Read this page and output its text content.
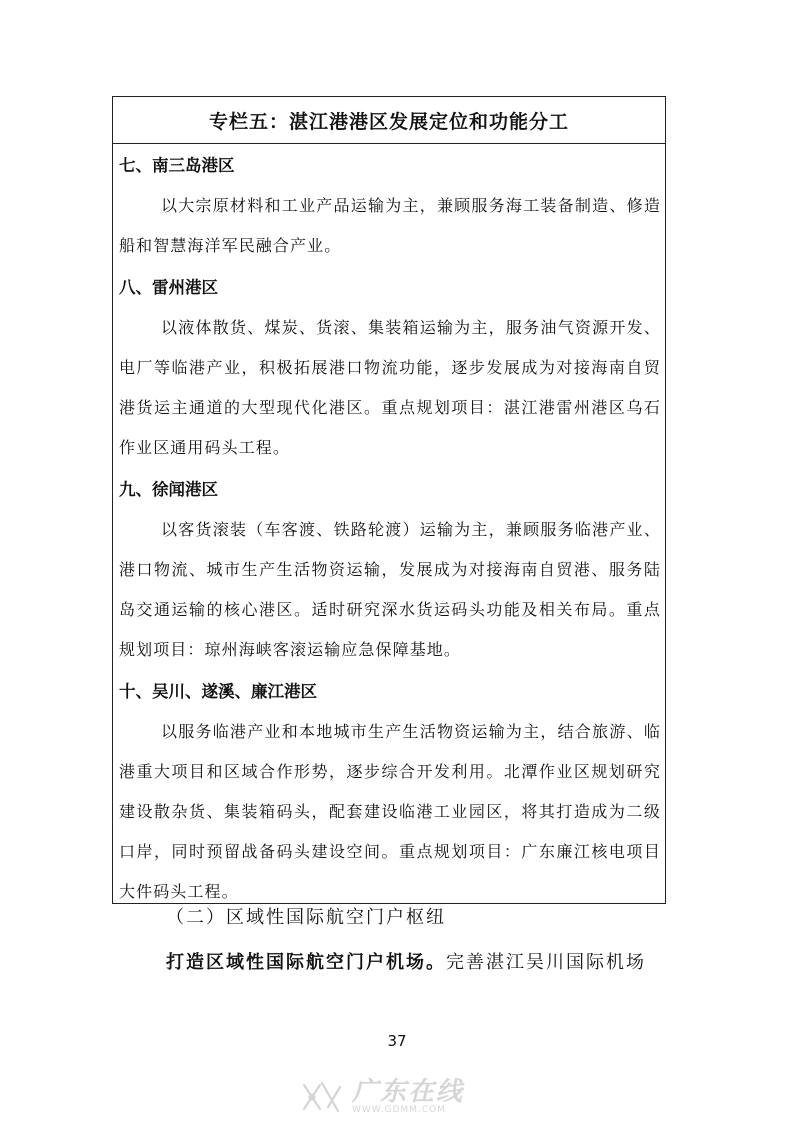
专栏五：湛江港港区发展定位和功能分工
七、南三岛港区

以大宗原材料和工业产品运输为主，兼顾服务海工装备制造、修造船和智慧海洋军民融合产业。

八、雷州港区

以液体散货、煤炭、货滚、集装箱运输为主，服务油气资源开发、电厂等临港产业，积极拓展港口物流功能，逐步发展成为对接海南自贸港货运主通道的大型现代化港区。重点规划项目：湛江港雷州港区乌石作业区通用码头工程。

九、徐闻港区

以客货滚装（车客渡、铁路轮渡）运输为主，兼顾服务临港产业、港口物流、城市生产生活物资运输，发展成为对接海南自贸港、服务陆岛交通运输的核心港区。适时研究深水货运码头功能及相关布局。重点规划项目：琼州海峡客滚运输应急保障基地。

十、吴川、遂溪、廉江港区

以服务临港产业和本地城市生产生活物资运输为主，结合旅游、临港重大项目和区域合作形势，逐步综合开发利用。北潭作业区规划研究建设散杂货、集装箱码头，配套建设临港工业园区，将其打造成为二级口岸，同时预留战备码头建设空间。重点规划项目：广东廉江核电项目大件码头工程。

（二）区域性国际航空门户枢纽
打造区域性国际航空门户机场。完善湛江吴川国际机场
37
广东在线
WWW.GDMM.COM
